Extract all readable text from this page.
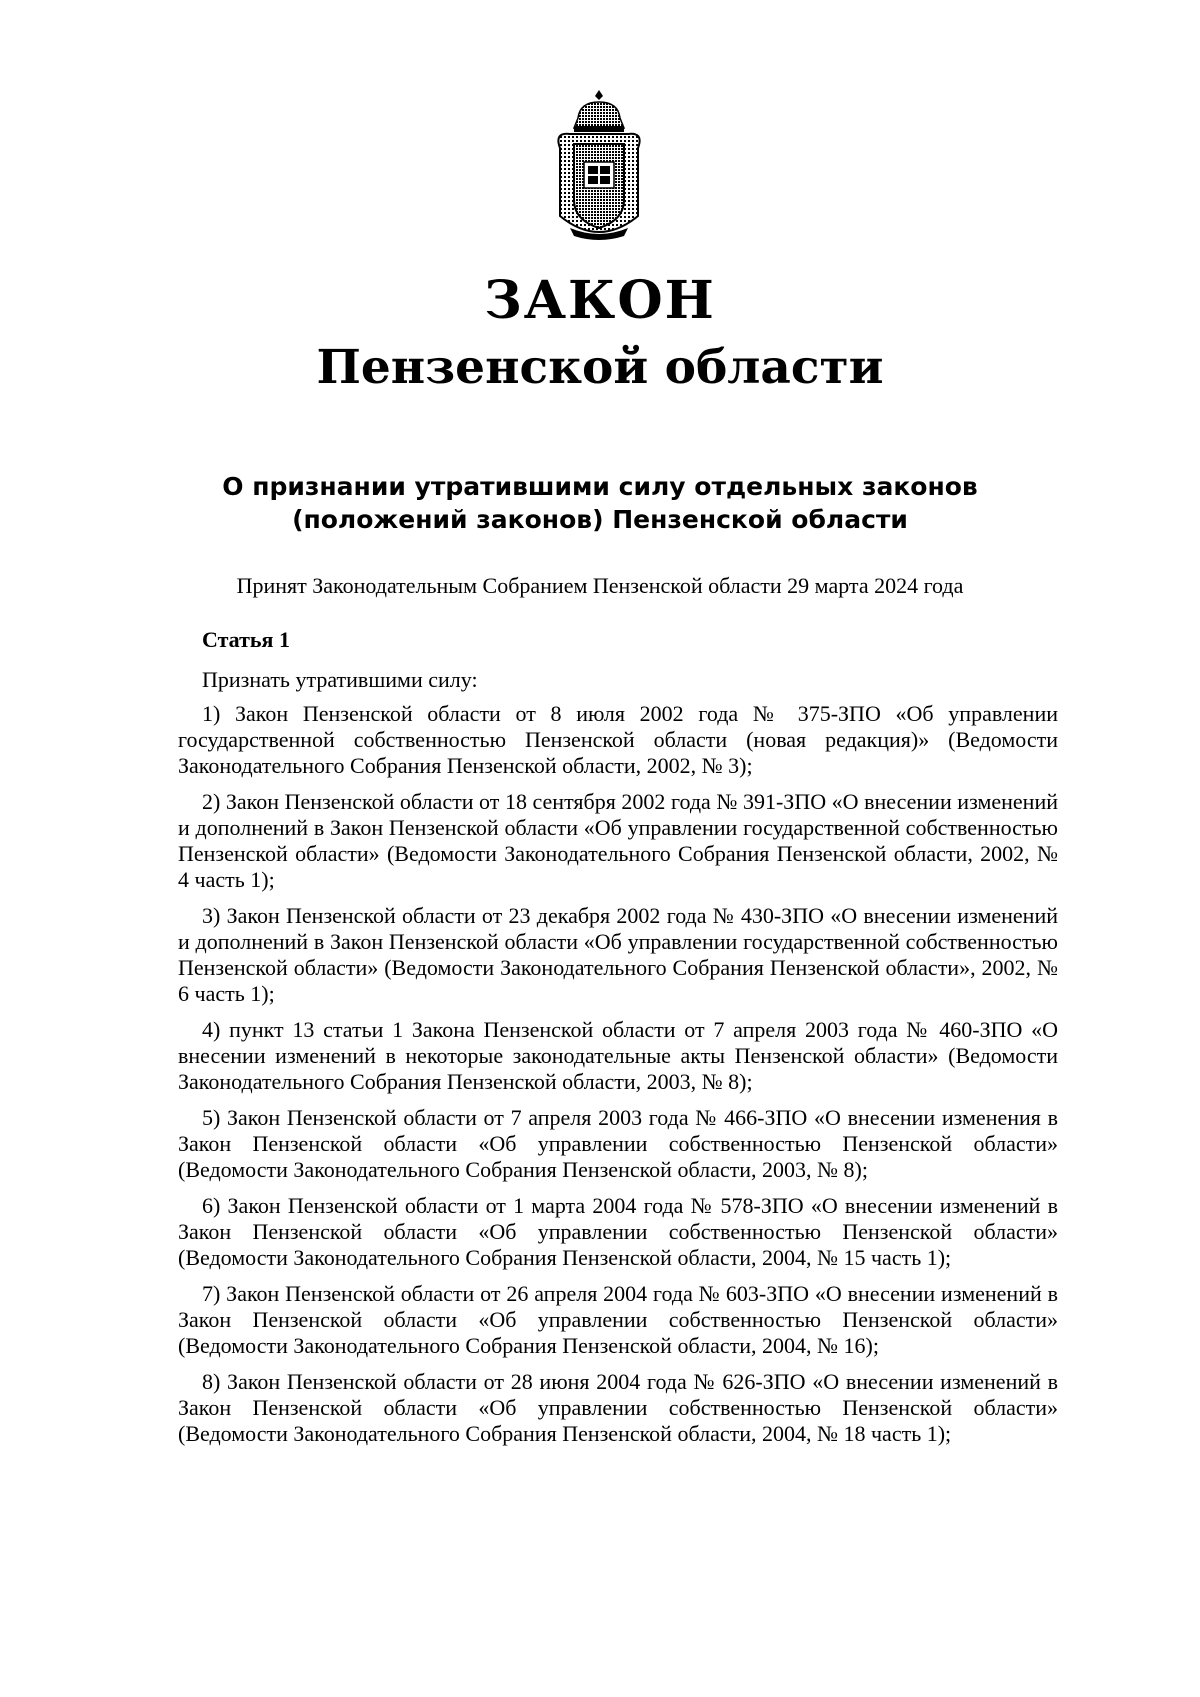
ЗАКОН
Пензенской области

О признании утратившими силу отдельных законов

(положений законов) Пензенской области

Принят Законодательным Собранием Пензенской области 29 марта 2024 года

Статья 1

Признать утратившими силу:

1) Закон Пензенской области от 8 июля 2002 года № 375-ЗПО «Об управлении государственной собственностью Пензенской области (новая редакция)» (Ведомости Законодательного Собрания Пензенской области, 2002, № 3);

2) Закон Пензенской области от 18 сентября 2002 года № 391-ЗПО «О внесении изменений и дополнений в Закон Пензенской области «Об управлении государственной собственностью Пензенской области» (Ведомости Законодательного Собрания Пензенской области, 2002, № 4 часть 1);

3) Закон Пензенской области от 23 декабря 2002 года № 430-ЗПО «О внесении изменений и дополнений в Закон Пензенской области «Об управлении государственной собственностью Пензенской области» (Ведомости Законодательного Собрания Пензенской области», 2002, № 6 часть 1);

4) пункт 13 статьи 1 Закона Пензенской области от 7 апреля 2003 года № 460-ЗПО «О внесении изменений в некоторые законодательные акты Пензенской области» (Ведомости Законодательного Собрания Пензенской области, 2003, № 8);

5) Закон Пензенской области от 7 апреля 2003 года № 466-ЗПО «О внесении изменения в Закон Пензенской области «Об управлении собственностью Пензенской области» (Ведомости Законодательного Собрания Пензенской области, 2003, № 8);

6) Закон Пензенской области от 1 марта 2004 года № 578-ЗПО «О внесении изменений в Закон Пензенской области «Об управлении собственностью Пензенской области» (Ведомости Законодательного Собрания Пензенской области, 2004, № 15 часть 1);

7) Закон Пензенской области от 26 апреля 2004 года № 603-ЗПО «О внесении изменений в Закон Пензенской области «Об управлении собственностью Пензенской области» (Ведомости Законодательного Собрания Пензенской области, 2004, № 16);

8) Закон Пензенской области от 28 июня 2004 года № 626-ЗПО «О внесении изменений в Закон Пензенской области «Об управлении собственностью Пензенской области» (Ведомости Законодательного Собрания Пензенской области, 2004, № 18 часть 1);
